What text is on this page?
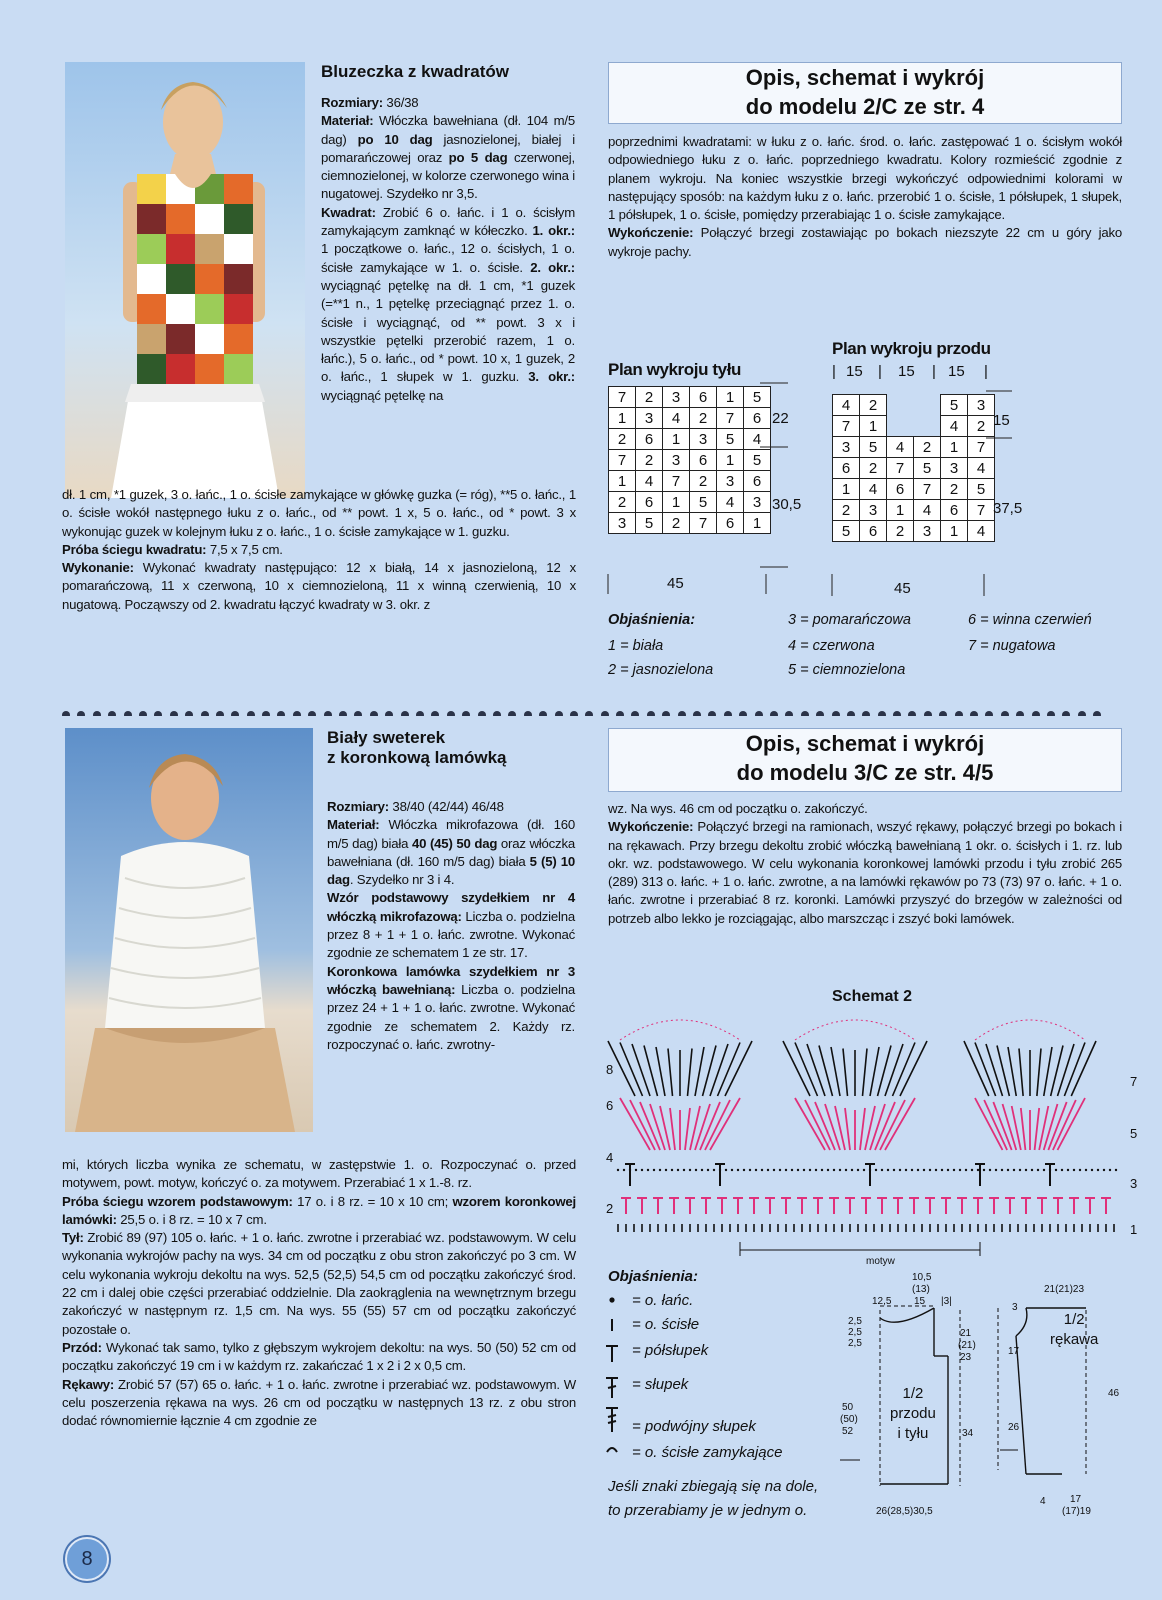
Bluzeczka z kwadratów
Rozmiary: 36/38
Materiał: Włóczka bawełniana (dł. 104 m/5 dag) po 10 dag jasnozielonej, białej i pomarańczowej oraz po 5 dag czerwonej, ciemnozielonej, w kolorze czerwonego wina i nugatowej. Szydełko nr 3,5.
Kwadrat: Zrobić 6 o. łańc. i 1 o. ścisłym zamykającym zamknąć w kółeczko. 1. okr.: 1 początkowe o. łańc., 12 o. ścisłych, 1 o. ścisłe zamykające w 1. o. ścisłe. 2. okr.: wyciągnąć pętelkę na dł. 1 cm, *1 guzek (=**1 n., 1 pętelkę przeciągnąć przez 1. o. ścisłe i wyciągnąć, od ** powt. 3 x i wszystkie pętelki przerobić razem, 1 o. łańc.), 5 o. łańc., od * powt. 10 x, 1 guzek, 2 o. łańc., 1 słupek w 1. guzku. 3. okr.: wyciągnąć pętelkę na
dł. 1 cm, *1 guzek, 3 o. łańc., 1 o. ścisłe zamykające w główkę guzka (= róg), **5 o. łańc., 1 o. ścisłe wokół następnego łuku z o. łańc., od ** powt. 1 x, 5 o. łańc., od * powt. 3 x wykonując guzek w kolejnym łuku z o. łańc., 1 o. ścisłe zamykające w 1. guzku.
Próba ściegu kwadratu: 7,5 x 7,5 cm.
Wykonanie: Wykonać kwadraty następująco: 12 x białą, 14 x jasnozieloną, 12 x pomarańczową, 11 x czerwoną, 10 x ciemnozieloną, 11 x winną czerwienią, 10 x nugatową. Począwszy od 2. kwadratu łączyć kwadraty w 3. okr. z
Opis, schemat i wykrój
do modelu 2/C ze str. 4
poprzednimi kwadratami: w łuku z o. łańc. środ. o. łańc. zastępować 1 o. ścisłym wokół odpowiedniego łuku z o. łańc. poprzedniego kwadratu. Kolory rozmieścić zgodnie z planem wykroju. Na koniec wszystkie brzegi wykończyć odpowiednimi kolorami w następujący sposób: na każdym łuku z o. łańc. przerobić 1 o. ścisłe, 1 półsłupek, 1 słupek, 1 półsłupek, 1 o. ścisłe, pomiędzy przerabiając 1 o. ścisłe zamykające.
Wykończenie: Połączyć brzegi zostawiając po bokach niezszyte 22 cm u góry jako wykroje pachy.
Plan wykroju tyłu
7	2	3	6	1	5
1	3	4	2	7	6
2	6	1	3	5	4
7	2	3	6	1	5
1	4	7	2	3	6
2	6	1	5	4	3
3	5	2	7	6	1
22
30,5
45
Plan wykroju przodu
| 15 | 15 | 15 |
4	2			5	3
7	1			4	2
3	5	4	2	1	7
6	2	7	5	3	4
1	4	6	7	2	5
2	3	1	4	6	7
5	6	2	3	1	4
15
37,5
45
Objaśnienia:
1 = biała
2 = jasnozielona
3 = pomarańczowa
4 = czerwona
5 = ciemnozielona
6 = winna czerwień
7 = nugatowa
Biały sweterek
z koronkową lamówką
Rozmiary: 38/40 (42/44) 46/48
Materiał: Włóczka mikrofazowa (dł. 160 m/5 dag) biała 40 (45) 50 dag oraz włóczka bawełniana (dł. 160 m/5 dag) biała 5 (5) 10 dag. Szydełko nr 3 i 4.
Wzór podstawowy szydełkiem nr 4 włóczką mikrofazową: Liczba o. podzielna przez 8 + 1 + 1 o. łańc. zwrotne. Wykonać zgodnie ze schematem 1 ze str. 17.
Koronkowa lamówka szydełkiem nr 3 włóczką bawełnianą: Liczba o. podzielna przez 24 + 1 + 1 o. łańc. zwrotne. Wykonać zgodnie ze schematem 2. Każdy rz. rozpoczynać o. łańc. zwrotny-
mi, których liczba wynika ze schematu, w zastępstwie 1. o. Rozpoczynać o. przed motywem, powt. motyw, kończyć o. za motywem. Przerabiać 1 x 1.-8. rz.
Próba ściegu wzorem podstawowym: 17 o. i 8 rz. = 10 x 10 cm; wzorem koronkowej lamówki: 25,5 o. i 8 rz. = 10 x 7 cm.
Tył: Zrobić 89 (97) 105 o. łańc. + 1 o. łańc. zwrotne i przerabiać wz. podstawowym. W celu wykonania wykrojów pachy na wys. 34 cm od początku z obu stron zakończyć po 3 cm. W celu wykonania wykroju dekoltu na wys. 52,5 (52,5) 54,5 cm od początku zakończyć środ. 22 cm i dalej obie części przerabiać oddzielnie. Dla zaokrąglenia na wewnętrznym brzegu zakończyć w następnym rz. 1,5 cm. Na wys. 55 (55) 57 cm od początku zakończyć pozostałe o.
Przód: Wykonać tak samo, tylko z głębszym wykrojem dekoltu: na wys. 50 (50) 52 cm od początku zakończyć 19 cm i w każdym rz. zakańczać 1 x 2 i 2 x 0,5 cm.
Rękawy: Zrobić 57 (57) 65 o. łańc. + 1 o. łańc. zwrotne i przerabiać wz. podstawowym. W celu poszerzenia rękawa na wys. 26 cm od początku w następnych 13 rz. z obu stron dodać równomiernie łącznie 4 cm zgodnie ze
Opis, schemat i wykrój
do modelu 3/C ze str. 4/5
wz. Na wys. 46 cm od początku o. zakończyć.
Wykończenie: Połączyć brzegi na ramionach, wszyć rękawy, połączyć brzegi po bokach i na rękawach. Przy brzegu dekoltu zrobić włóczką bawełnianą 1 okr. o. ścisłych i 1. rz. lub okr. wz. podstawowego. W celu wykonania koronkowej lamówki przodu i tyłu zrobić 265 (289) 313 o. łańc. + 1 o. łańc. zwrotne, a na lamówki rękawów po 73 (73) 97 o. łańc. + 1 o. łańc. zwrotne i przerabiać 8 rz. koronki. Lamówki przyszyć do brzegów w zależności od potrzeb albo lekko je rozciągając, albo marszcząc i zszyć boki lamówek.
Schemat 2
8
6
4
2
7
5
3
1
motyw
Objaśnienia:
= o. łańc.
= o. ścisłe
= półsłupek
= słupek
= podwójny słupek
= o. ścisłe zamykające
Jeśli znaki zbiegają się na dole,
to przerabiamy je w jednym o.
1/2
przodu
i tyłu
1/2
rękawa
10,5
(13)
12,5 15 |3|
2,5
2,5
2,5
21
(21)
23
50
(50)
52	34
26(28,5)30,5
21(21)23
3
17
46
26
4 17
(17)19
8
